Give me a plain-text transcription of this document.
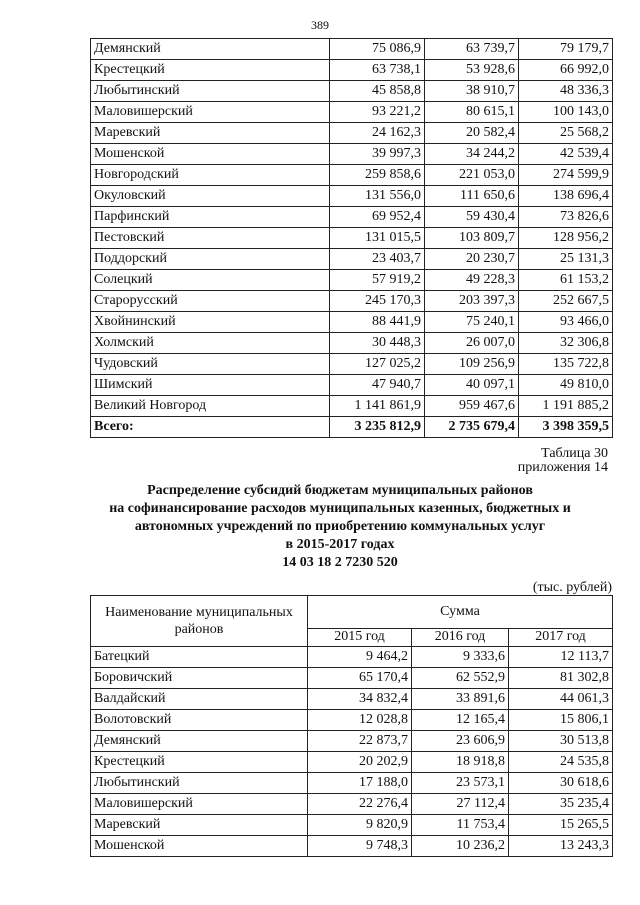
389
Демянский	75 086,9	63 739,7	79 179,7
Крестецкий	63 738,1	53 928,6	66 992,0
Любытинский	45 858,8	38 910,7	48 336,3
Маловишерский	93 221,2	80 615,1	100 143,0
Маревский	24 162,3	20 582,4	25 568,2
Мошенской	39 997,3	34 244,2	42 539,4
Новгородский	259 858,6	221 053,0	274 599,9
Окуловский	131 556,0	111 650,6	138 696,4
Парфинский	69 952,4	59 430,4	73 826,6
Пестовский	131 015,5	103 809,7	128 956,2
Поддорский	23 403,7	20 230,7	25 131,3
Солецкий	57 919,2	49 228,3	61 153,2
Старорусский	245 170,3	203 397,3	252 667,5
Хвойнинский	88 441,9	75 240,1	93 466,0
Холмский	30 448,3	26 007,0	32 306,8
Чудовский	127 025,2	109 256,9	135 722,8
Шимский	47 940,7	40 097,1	49 810,0
Великий Новгород	1 141 861,9	959 467,6	1 191 885,2
Всего:	3 235 812,9	2 735 679,4	3 398 359,5
Таблица 30
приложения 14
Распределение субсидий бюджетам муниципальных районов
на софинансирование расходов муниципальных казенных, бюджетных и
автономных учреждений по приобретению коммунальных услуг
в 2015-2017 годах
14 03 18 2 7230 520
(тыс. рублей)
Наименование муниципальных районов	Сумма		
	2015 год	2016 год	2017 год
Батецкий	9 464,2	9 333,6	12 113,7
Боровичский	65 170,4	62 552,9	81 302,8
Валдайский	34 832,4	33 891,6	44 061,3
Волотовский	12 028,8	12 165,4	15 806,1
Демянский	22 873,7	23 606,9	30 513,8
Крестецкий	20 202,9	18 918,8	24 535,8
Любытинский	17 188,0	23 573,1	30 618,6
Маловишерский	22 276,4	27 112,4	35 235,4
Маревский	9 820,9	11 753,4	15 265,5
Мошенской	9 748,3	10 236,2	13 243,3
